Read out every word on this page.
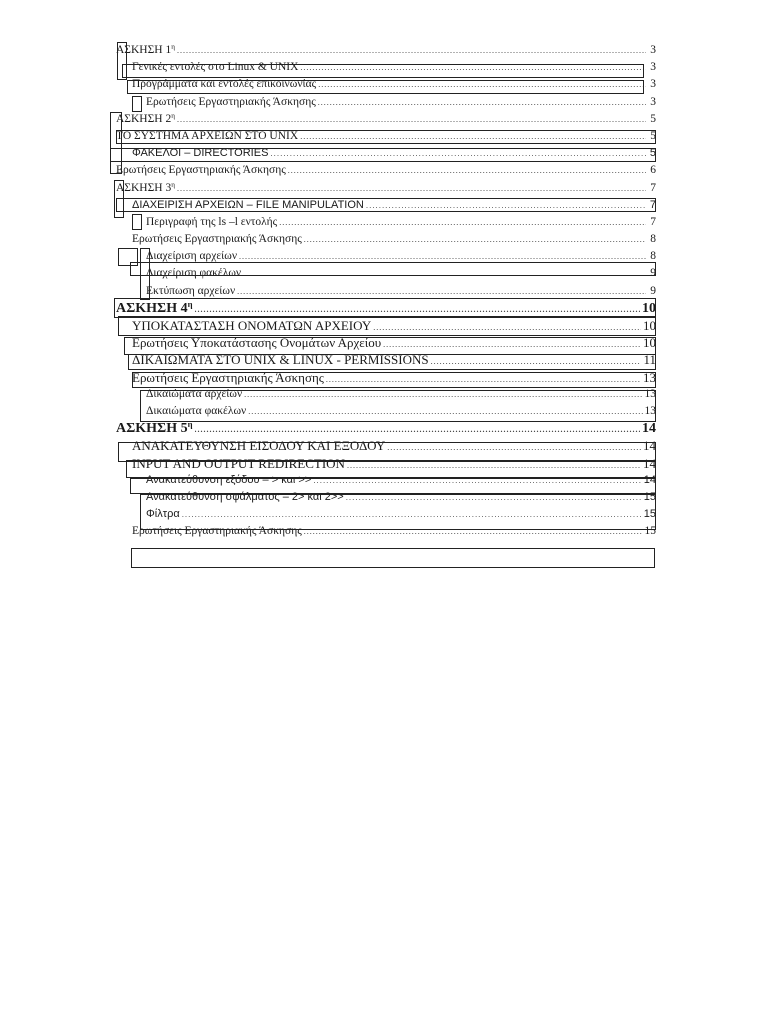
ΑΣΚΗΣΗ $1^\eta$ .....	3
Γενικές εντολές στο Linux & UNIX .....	3
Προγράμματα και εντολές επικοινωνίας .....	3
Ερωτήσεις Εργαστηριακής Άσκησης .....	3
ΑΣΚΗΣΗ $2^\eta$ .....	5
ΤΟ ΣΥΣΤΗΜΑ ΑΡΧΕΙΩΝ ΣΤΟ UNIX .....	5
ΦΑΚΕΛΟΙ – DIRECTORIES .....	5
Ερωτήσεις Εργαστηριακής Άσκησης .....	6
ΑΣΚΗΣΗ $3^\eta$ .....	7
ΔΙΑΧΕΙΡΙΣΗ ΑΡΧΕΙΩΝ – FILE MANIPULATION .....	7
Περιγραφή της ls –l εντολής .....	7
Ερωτήσεις Εργαστηριακής Άσκησης .....	8
Διαχείριση αρχείων .....	8
Διαχείριση φακέλων .....	9
Εκτύπωση αρχείων .....	9
ΑΣΚΗΣΗ $4^\eta$ .....	10
ΥΠΟΚΑΤΑΣΤΑΣΗ ΟΝΟΜΑΤΩΝ ΑΡΧΕΙΟΥ .....	10
Ερωτήσεις Υποκατάστασης Ονομάτων Αρχείου .....	10
ΔΙΚΑΙΩΜΑΤΑ ΣΤΟ UNIX & LINUX - PERMISSIONS .....	11
Ερωτήσεις Εργαστηριακής Άσκησης .....	13
Δικαιώματα αρχείων .....	13
Δικαιώματα φακέλων .....	13
ΑΣΚΗΣΗ $5^\eta$ .....	14
ΑΝΑΚΑΤΕΥΘΥΝΣΗ ΕΙΣΟΔΟΥ ΚΑΙ ΕΞΟΔΟΥ .....	14
INPUT AND OUTPUT REDIRECTION .....	14
Ανακατεύθυνση εξόδου – > και >> .....	14
Ανακατεύθυνση σφάλματος – 2> και 2>> .....	15
Φίλτρα .....	15
Ερωτήσεις Εργαστηριακής Άσκησης .....	15
